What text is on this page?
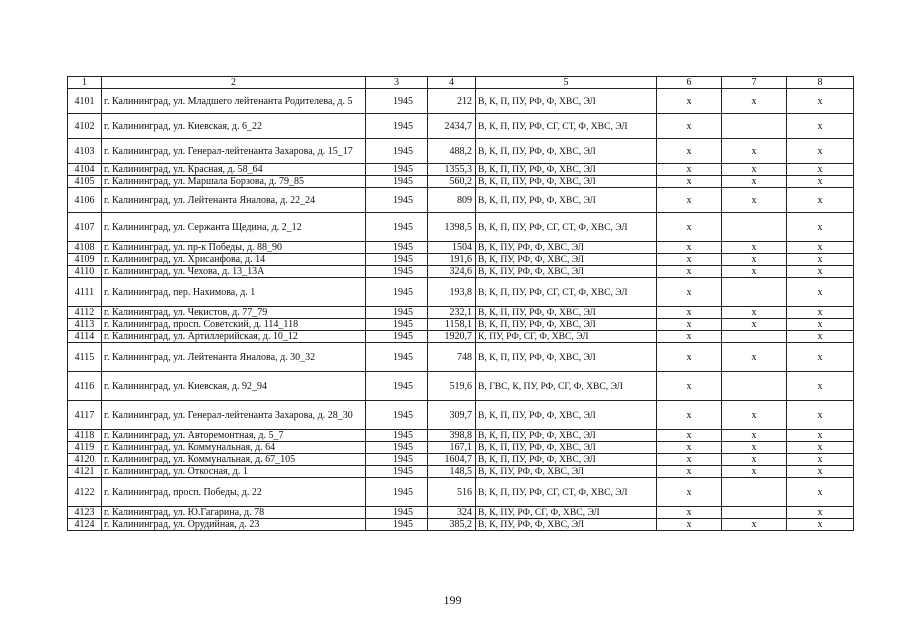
1	2	3	4	5	6	7	8
4101	г. Калининград, ул. Младшего лейтенанта Родителева, д. 5	1945	212	В, К, П, ПУ, РФ, Ф, ХВС, ЭЛ	х	х	х
4102	г. Калининград, ул. Киевская, д. 6_22	1945	2434,7	В, К, П, ПУ, РФ, СГ, СТ, Ф, ХВС, ЭЛ	х		х
4103	г. Калининград, ул. Генерал-лейтенанта Захарова, д. 15_17	1945	488,2	В, К, П, ПУ, РФ, Ф, ХВС, ЭЛ	х	х	х
4104	г. Калининград, ул. Красная, д. 58_64	1945	1355,3	В, К, П, ПУ, РФ, Ф, ХВС, ЭЛ	х	х	х
4105	г. Калининград, ул. Маршала Борзова, д. 79_85	1945	560,2	В, К, П, ПУ, РФ, Ф, ХВС, ЭЛ	х	х	х
4106	г. Калининград, ул. Лейтенанта Яналова, д. 22_24	1945	809	В, К, П, ПУ, РФ, Ф, ХВС, ЭЛ	х	х	х
4107	г. Калининград, ул. Сержанта Щедина, д. 2_12	1945	1398,5	В, К, П, ПУ, РФ, СГ, СТ, Ф, ХВС, ЭЛ	х		х
4108	г. Калининград, ул. пр-к Победы, д. 88_90	1945	1504	В, К, ПУ, РФ, Ф, ХВС, ЭЛ	х	х	х
4109	г. Калининград, ул. Хрисанфова, д. 14	1945	191,6	В, К, ПУ, РФ, Ф, ХВС, ЭЛ	х	х	х
4110	г. Калининград, ул. Чехова, д. 13_13А	1945	324,6	В, К, ПУ, РФ, Ф, ХВС, ЭЛ	х	х	х
4111	г. Калининград, пер. Нахимова, д. 1	1945	193,8	В, К, П, ПУ, РФ, СГ, СТ, Ф, ХВС, ЭЛ	х		х
4112	г. Калининград, ул. Чекистов, д. 77_79	1945	232,1	В, К, П, ПУ, РФ, Ф, ХВС, ЭЛ	х	х	х
4113	г. Калининград, просп. Советский, д. 114_118	1945	1158,1	В, К, П, ПУ, РФ, Ф, ХВС, ЭЛ	х	х	х
4114	г. Калининград, ул. Артиллерийская, д. 10_12	1945	1920,7	К, ПУ, РФ, СГ, Ф, ХВС, ЭЛ	х		х
4115	г. Калининград, ул. Лейтенанта Яналова, д. 30_32	1945	748	В, К, П, ПУ, РФ, Ф, ХВС, ЭЛ	х	х	х
4116	г. Калининград, ул. Киевская, д. 92_94	1945	519,6	В, ГВС, К, ПУ, РФ, СГ, Ф, ХВС, ЭЛ	х		х
4117	г. Калининград, ул. Генерал-лейтенанта Захарова, д. 28_30	1945	309,7	В, К, П, ПУ, РФ, Ф, ХВС, ЭЛ	х	х	х
4118	г. Калининград, ул. Авторемонтная, д. 5_7	1945	398,8	В, К, П, ПУ, РФ, Ф, ХВС, ЭЛ	х	х	х
4119	г. Калининград, ул. Коммунальная, д. 64	1945	167,1	В, К, П, ПУ, РФ, Ф, ХВС, ЭЛ	х	х	х
4120	г. Калининград, ул. Коммунальная, д. 67_105	1945	1604,7	В, К, П, ПУ, РФ, Ф, ХВС, ЭЛ	х	х	х
4121	г. Калининград, ул. Откосная, д. 1	1945	148,5	В, К, ПУ, РФ, Ф, ХВС, ЭЛ	х	х	х
4122	г. Калининград, просп. Победы, д. 22	1945	516	В, К, П, ПУ, РФ, СГ, СТ, Ф, ХВС, ЭЛ	х		х
4123	г. Калининград, ул. Ю.Гагарина, д. 78	1945	324	В, К, ПУ, РФ, СГ, Ф, ХВС, ЭЛ	х		х
4124	г. Калининград, ул. Орудийная, д. 23	1945	385,2	В, К, ПУ, РФ, Ф, ХВС, ЭЛ	х	х	х
199
